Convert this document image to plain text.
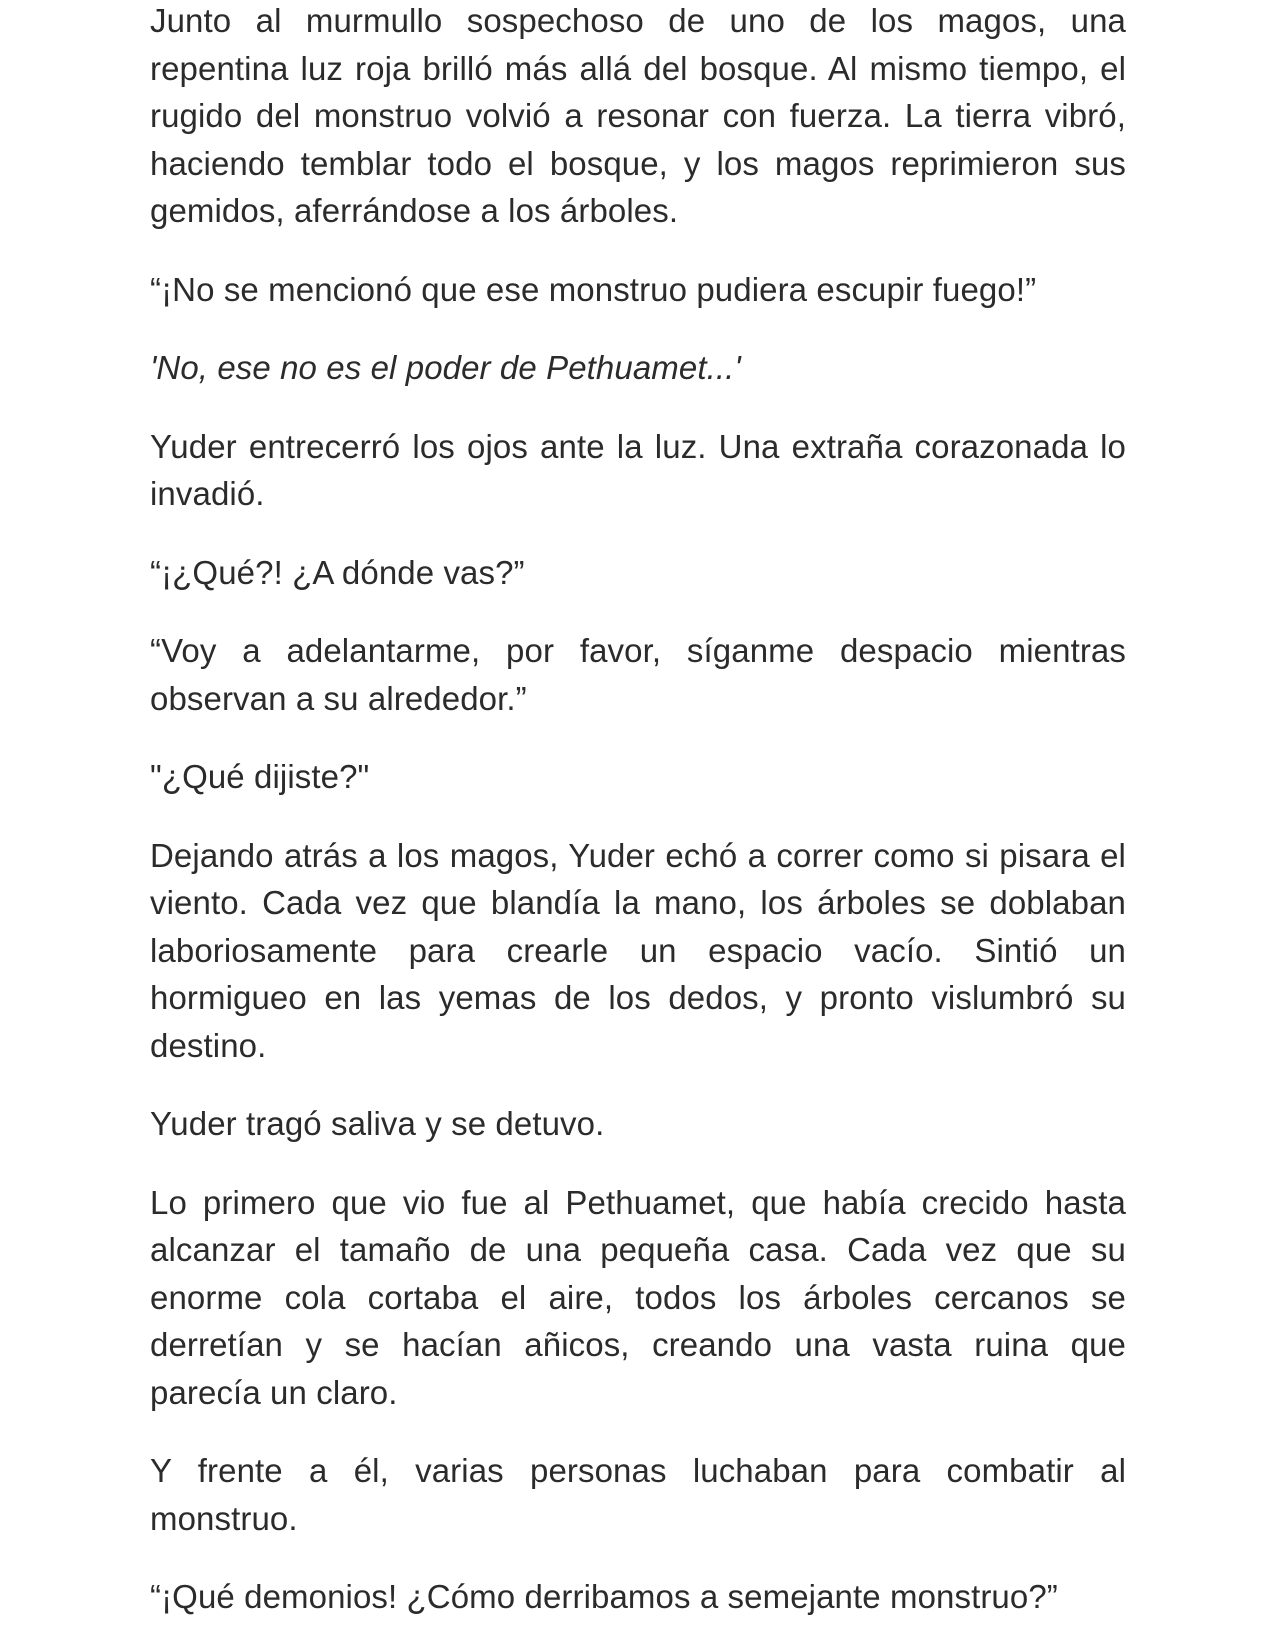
Junto al murmullo sospechoso de uno de los magos, una repentina luz roja brilló más allá del bosque. Al mismo tiempo, el rugido del monstruo volvió a resonar con fuerza. La tierra vibró, haciendo temblar todo el bosque, y los magos reprimieron sus gemidos, aferrándose a los árboles.

“¡No se mencionó que ese monstruo pudiera escupir fuego!”

'No, ese no es el poder de Pethuamet...'

Yuder entrecerró los ojos ante la luz. Una extraña corazonada lo invadió.

“¡¿Qué?! ¿A dónde vas?”

“Voy a adelantarme, por favor, síganme despacio mientras observan a su alrededor.”

"¿Qué dijiste?"

Dejando atrás a los magos, Yuder echó a correr como si pisara el viento. Cada vez que blandía la mano, los árboles se doblaban laboriosamente para crearle un espacio vacío. Sintió un hormigueo en las yemas de los dedos, y pronto vislumbró su destino.

Yuder tragó saliva y se detuvo.

Lo primero que vio fue al Pethuamet, que había crecido hasta alcanzar el tamaño de una pequeña casa. Cada vez que su enorme cola cortaba el aire, todos los árboles cercanos se derretían y se hacían añicos, creando una vasta ruina que parecía un claro.

Y frente a él, varias personas luchaban para combatir al monstruo.

“¡Qué demonios! ¿Cómo derribamos a semejante monstruo?”
